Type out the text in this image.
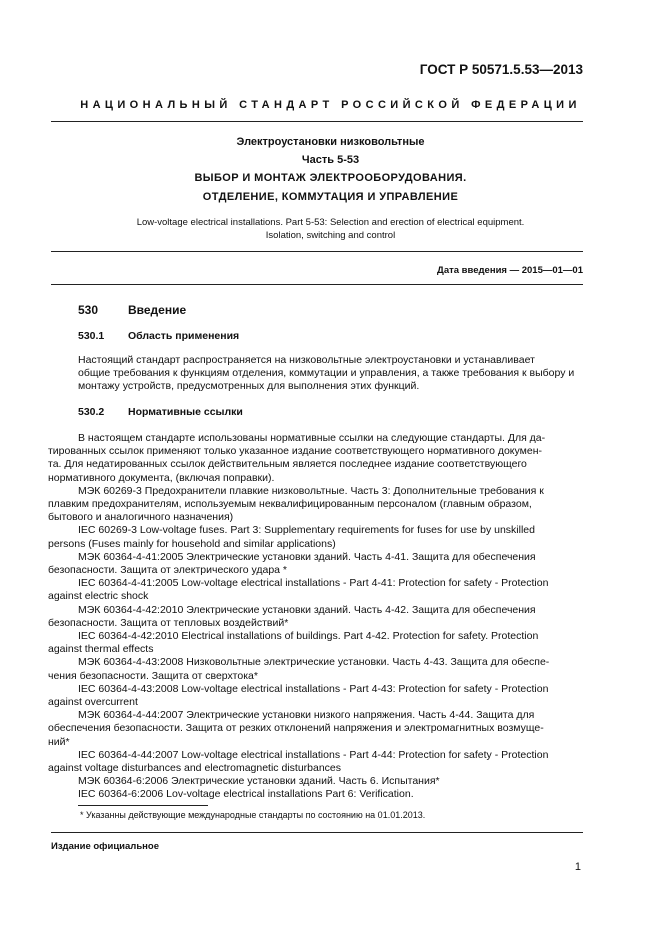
ГОСТ Р 50571.5.53—2013
НАЦИОНАЛЬНЫЙ СТАНДАРТ РОССИЙСКОЙ ФЕДЕРАЦИИ
Электроустановки низковольтные
Часть 5-53
ВЫБОР И МОНТАЖ ЭЛЕКТРООБОРУДОВАНИЯ.
ОТДЕЛЕНИЕ, КОММУТАЦИЯ И УПРАВЛЕНИЕ
Low-voltage electrical installations. Part 5-53: Selection and erection of electrical equipment.
Isolation, switching and control
Дата введения — 2015—01—01
530 Введение
530.1 Область применения
Настоящий стандарт распространяется на низковольтные электроустановки и устанавливает
общие требования к функциям отделения, коммутации и управления, а также требования к выбору и
монтажу устройств, предусмотренных для выполнения этих функций.
530.2 Нормативные ссылки
В настоящем стандарте использованы нормативные ссылки на следующие стандарты. Для да-
тированных ссылок применяют только указанное издание соответствующего нормативного докумен-
та. Для недатированных ссылок действительным является последнее издание соответствующего
нормативного документа, (включая поправки).
МЭК 60269-3 Предохранители плавкие низковольтные. Часть 3: Дополнительные требования к
плавким предохранителям, используемым неквалифицированным персоналом (главным образом,
бытового и аналогичного назначения)
IEC 60269-3 Low-voltage fuses. Part 3: Supplementary requirements for fuses for use by unskilled
persons (Fuses mainly for household and similar applications)
МЭК 60364-4-41:2005 Электрические установки зданий. Часть 4-41. Защита для обеспечения
безопасности. Защита от электрического удара *
IEC 60364-4-41:2005 Low-voltage electrical installations - Part 4-41: Protection for safety - Protection
against electric shock
МЭК 60364-4-42:2010 Электрические установки зданий. Часть 4-42. Защита для обеспечения
безопасности. Защита от тепловых воздействий*
IEC 60364-4-42:2010 Electrical installations of buildings. Part 4-42. Protection for safety. Protection
against thermal effects
МЭК 60364-4-43:2008 Низковольтные электрические установки. Часть 4-43. Защита для обеспе-
чения безопасности. Защита от сверхтока*
IEC 60364-4-43:2008 Low-voltage electrical installations - Part 4-43: Protection for safety - Protection
against overcurrent
МЭК 60364-4-44:2007 Электрические установки низкого напряжения. Часть 4-44. Защита для
обеспечения безопасности. Защита от резких отклонений напряжения и электромагнитных возмуще-
ний*
IEC 60364-4-44:2007 Low-voltage electrical installations - Part 4-44: Protection for safety - Protection
against voltage disturbances and electromagnetic disturbances
МЭК 60364-6:2006 Электрические установки зданий. Часть 6. Испытания*
IEC 60364-6:2006 Lov-voltage electrical installations Part 6: Verification.
* Указанны действующие международные стандарты по состоянию на 01.01.2013.
Издание официальное
1
